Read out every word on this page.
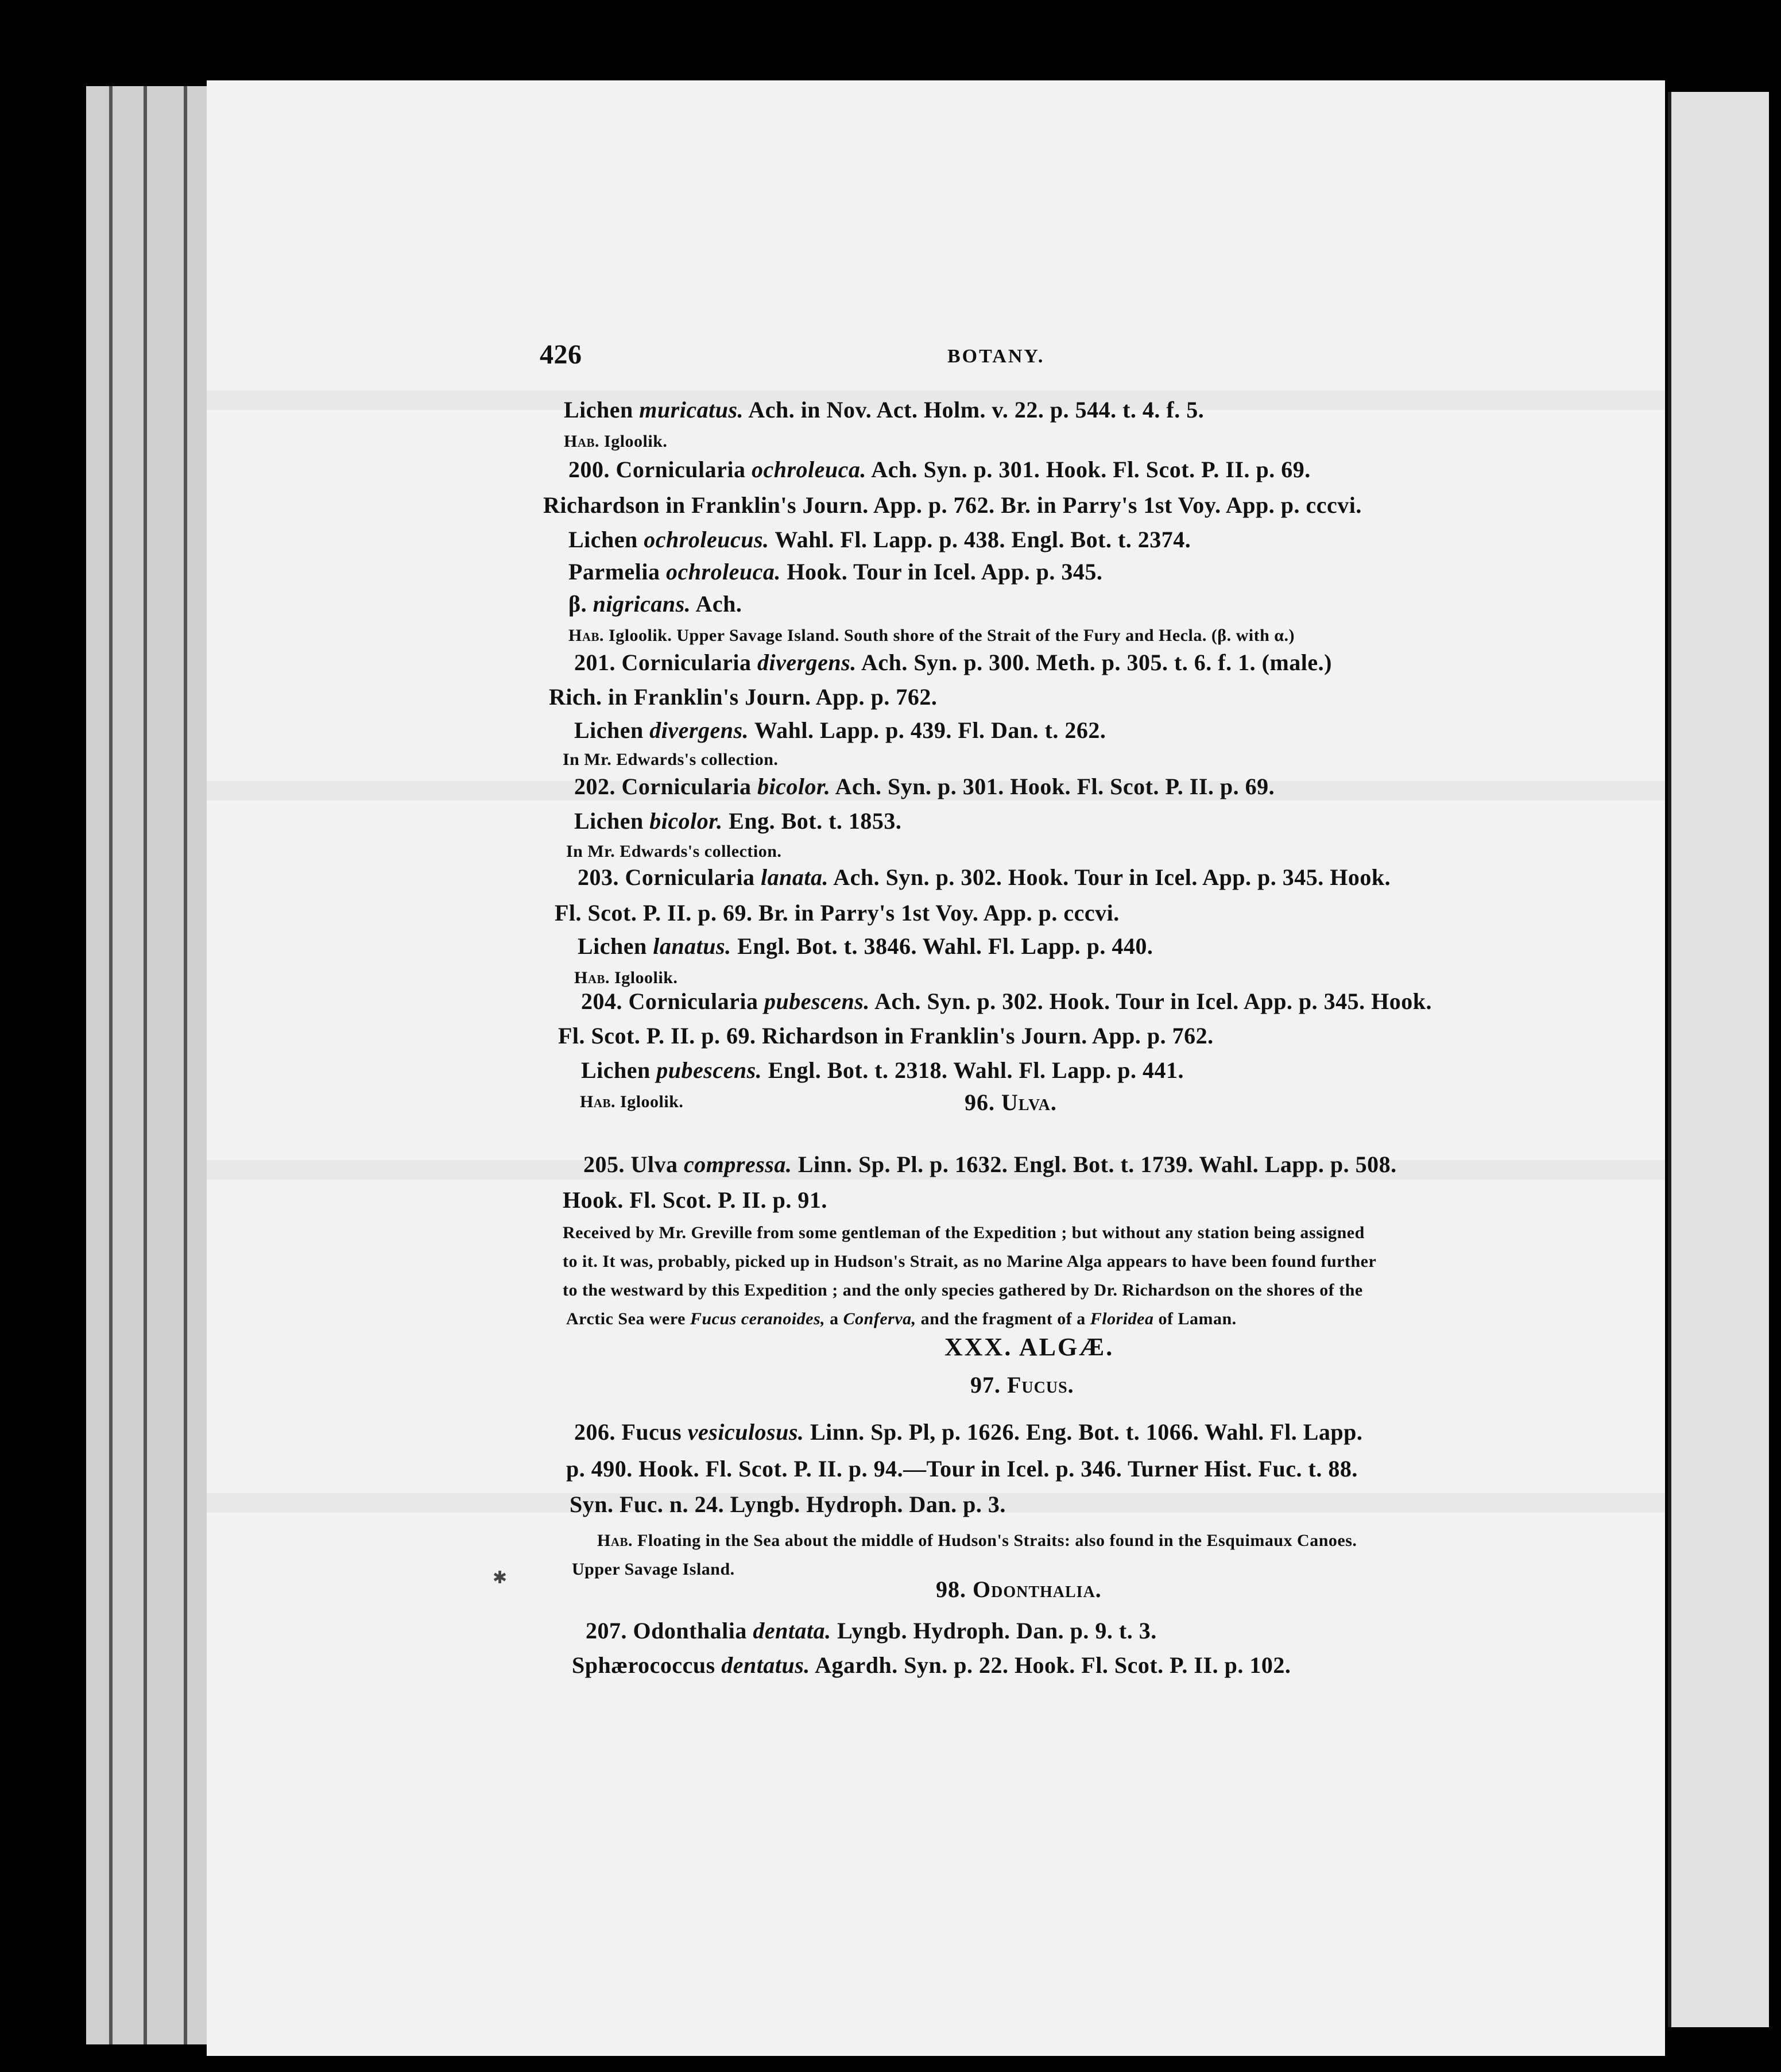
426	BOTANY.
Lichen muricatus. Ach. in Nov. Act. Holm. v. 22. p. 544. t. 4. f. 5.
Hab. Igloolik.
200. Cornicularia ochroleuca. Ach. Syn. p. 301. Hook. Fl. Scot. P. II. p. 69.
Richardson in Franklin's Journ. App. p. 762. Br. in Parry's 1st Voy. App. p. cccvi.
Lichen ochroleucus. Wahl. Fl. Lapp. p. 438. Engl. Bot. t. 2374.
Parmelia ochroleuca. Hook. Tour in Icel. App. p. 345.
β. nigricans. Ach.
Hab. Igloolik. Upper Savage Island. South shore of the Strait of the Fury and Hecla. (β. with α.)
201. Cornicularia divergens. Ach. Syn. p. 300. Meth. p. 305. t. 6. f. 1. (male.)
Rich. in Franklin's Journ. App. p. 762.
Lichen divergens. Wahl. Lapp. p. 439. Fl. Dan. t. 262.
In Mr. Edwards's collection.
202. Cornicularia bicolor. Ach. Syn. p. 301. Hook. Fl. Scot. P. II. p. 69.
Lichen bicolor. Eng. Bot. t. 1853.
In Mr. Edwards's collection.
203. Cornicularia lanata. Ach. Syn. p. 302. Hook. Tour in Icel. App. p. 345. Hook.
Fl. Scot. P. II. p. 69. Br. in Parry's 1st Voy. App. p. cccvi.
Lichen lanatus. Engl. Bot. t. 3846. Wahl. Fl. Lapp. p. 440.
Hab. Igloolik.
204. Cornicularia pubescens. Ach. Syn. p. 302. Hook. Tour in Icel. App. p. 345. Hook.
Fl. Scot. P. II. p. 69. Richardson in Franklin's Journ. App. p. 762.
Lichen pubescens. Engl. Bot. t. 2318. Wahl. Fl. Lapp. p. 441.
Hab. Igloolik.	96. Ulva.
205. Ulva compressa. Linn. Sp. Pl. p. 1632. Engl. Bot. t. 1739. Wahl. Lapp. p. 508.
Hook. Fl. Scot. P. II. p. 91.
Received by Mr. Greville from some gentleman of the Expedition ; but without any station being assigned
to it. It was, probably, picked up in Hudson's Strait, as no Marine Alga appears to have been found further
to the westward by this Expedition ; and the only species gathered by Dr. Richardson on the shores of the
Arctic Sea were Fucus ceranoides, a Conferva, and the fragment of a Floridea of Laman.
XXX. ALGÆ.
97. Fucus.
206. Fucus vesiculosus. Linn. Sp. Pl, p. 1626. Eng. Bot. t. 1066. Wahl. Fl. Lapp.
p. 490. Hook. Fl. Scot. P. II. p. 94.—Tour in Icel. p. 346. Turner Hist. Fuc. t. 88.
Syn. Fuc. n. 24. Lyngb. Hydroph. Dan. p. 3.
Hab. Floating in the Sea about the middle of Hudson's Straits: also found in the Esquimaux Canoes.
Upper Savage Island.
98. Odonthalia.
207. Odonthalia dentata. Lyngb. Hydroph. Dan. p. 9. t. 3.
Sphærococcus dentatus. Agardh. Syn. p. 22. Hook. Fl. Scot. P. II. p. 102.
✱
